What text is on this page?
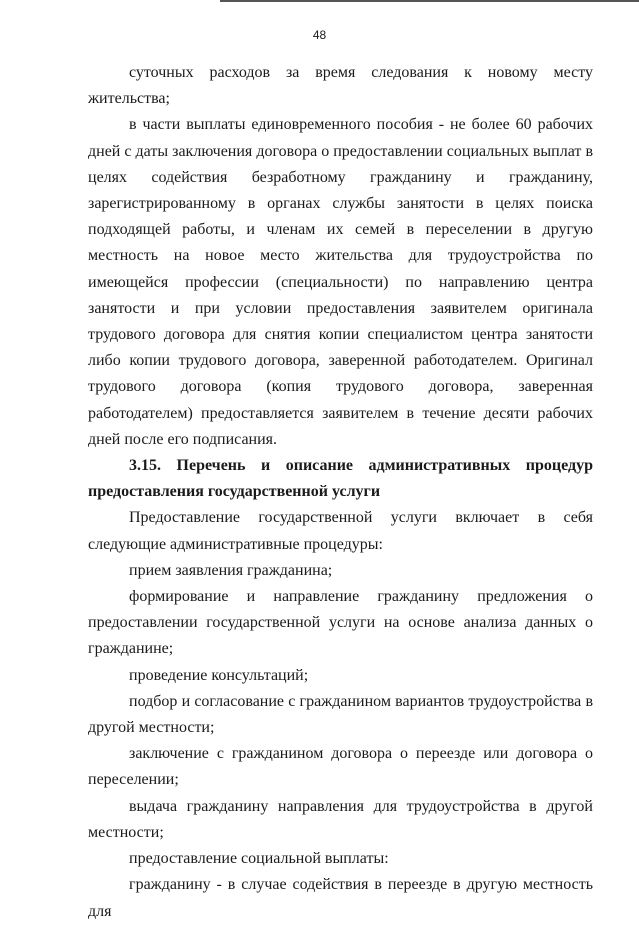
48

суточных расходов за время следования к новому месту жительства;

в части выплаты единовременного пособия - не более 60 рабочих дней с даты заключения договора о предоставлении социальных выплат в целях содействия безработному гражданину и гражданину, зарегистрированному в органах службы занятости в целях поиска подходящей работы, и членам их семей в переселении в другую местность на новое место жительства для трудоустройства по имеющейся профессии (специальности) по направлению центра занятости и при условии предоставления заявителем оригинала трудового договора для снятия копии специалистом центра занятости либо копии трудового договора, заверенной работодателем. Оригинал трудового договора (копия трудового договора, заверенная работодателем) предоставляется заявителем в течение десяти рабочих дней после его подписания.

3.15. Перечень и описание административных процедур предоставления государственной услуги

Предоставление государственной услуги включает в себя следующие административные процедуры:

прием заявления гражданина;

формирование и направление гражданину предложения о предоставлении государственной услуги на основе анализа данных о гражданине;

проведение консультаций;

подбор и согласование с гражданином вариантов трудоустройства в другой местности;

заключение с гражданином договора о переезде или договора о переселении;

выдача гражданину направления для трудоустройства в другой местности;

предоставление социальной выплаты:

гражданину - в случае содействия в переезде в другую местность для
